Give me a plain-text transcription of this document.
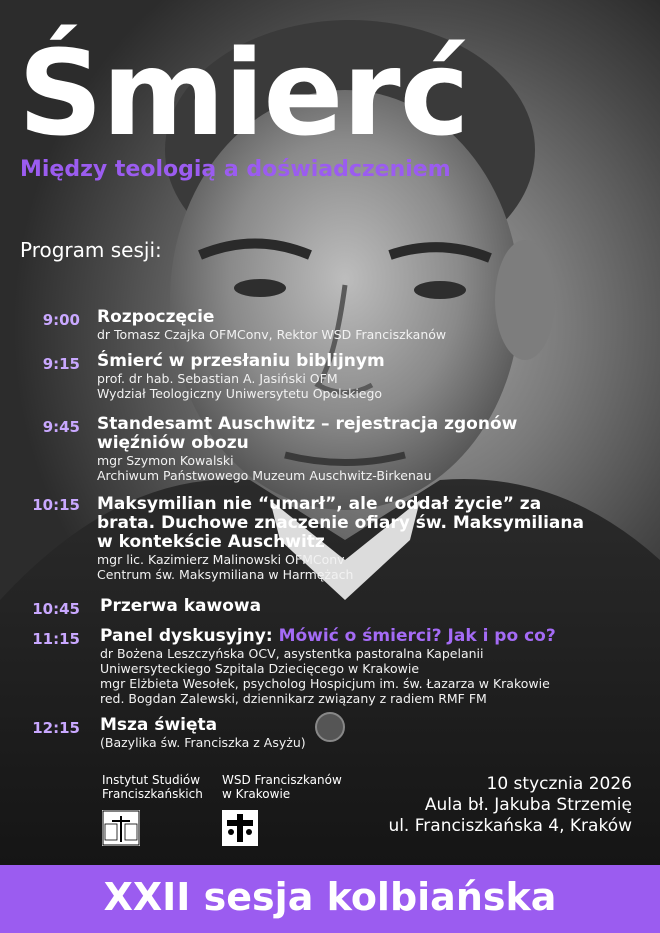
Śmierć
Między teologią a doświadczeniem
Program sesji:
9:00 Rozpoczęcie
dr Tomasz Czajka OFMConv, Rektor WSD Franciszkanów
9:15 Śmierć w przesłaniu biblijnym
prof. dr hab. Sebastian A. Jasiński OFM
Wydział Teologiczny Uniwersytetu Opolskiego
9:45 Standesamt Auschwitz – rejestracja zgonów więźniów obozu
mgr Szymon Kowalski
Archiwum Państwowego Muzeum Auschwitz-Birkenau
10:15 Maksymilian nie “umarł”, ale “oddał życie” za brata. Duchowe znaczenie ofiary św. Maksymiliana w kontekście Auschwitz
mgr lic. Kazimierz Malinowski OFMConv
Centrum św. Maksymiliana w Harmężach
10:45 Przerwa kawowa
11:15 Panel dyskusyjny: Mówić o śmierci? Jak i po co?
dr Bożena Leszczyńska OCV, asystentka pastoralna Kapelanii
Uniwersyteckiego Szpitala Dziecięcego w Krakowie
mgr Elżbieta Wesołek, psycholog Hospicjum im. św. Łazarza w Krakowie
red. Bogdan Zalewski, dziennikarz związany z radiem RMF FM
12:15 Msza święta
(Bazylika św. Franciszka z Asyżu)
Instytut Studiów
Franciszkańskich
WSD Franciszkanów
w Krakowie	10 stycznia 2026
Aula bł. Jakuba Strzemię
ul. Franciszkańska 4, Kraków
XXII sesja kolbiańska
